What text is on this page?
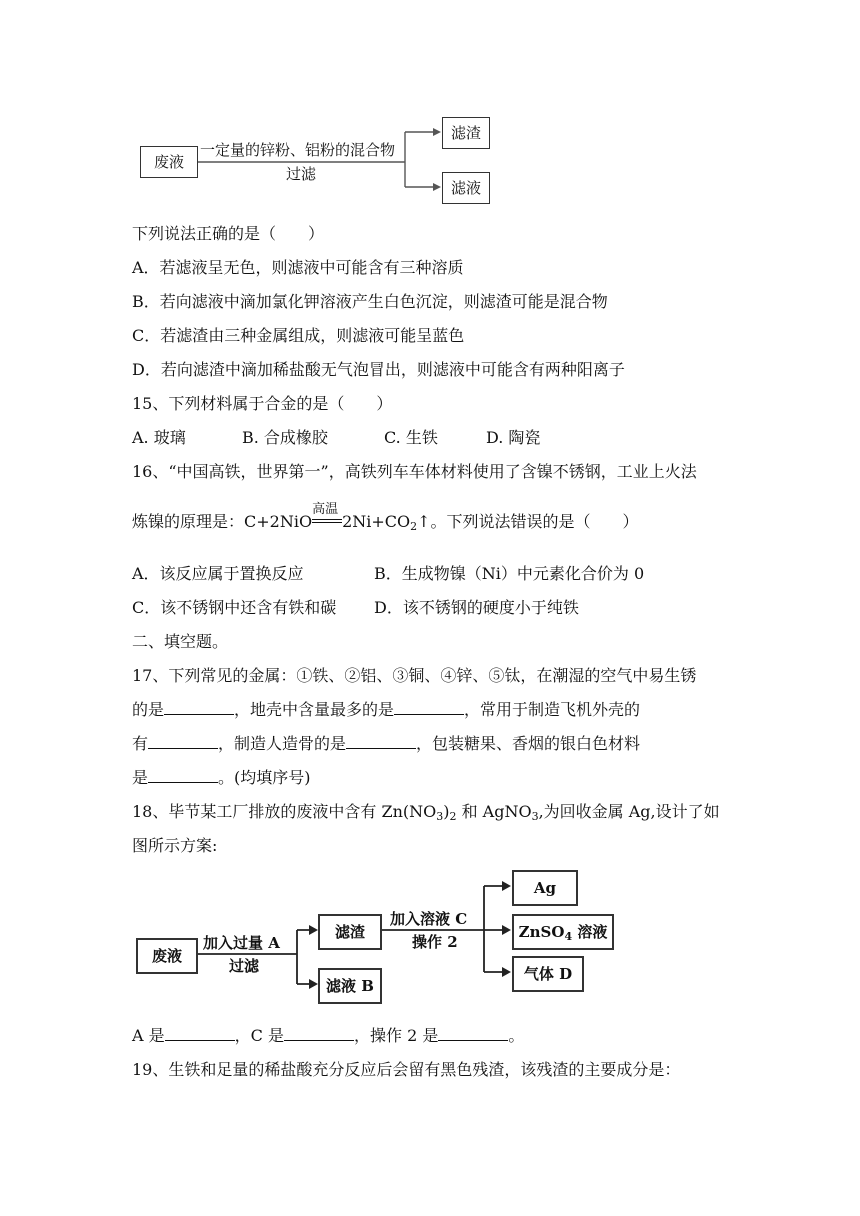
废液
一定量的锌粉、铝粉的混合物
过滤
滤渣
滤液
下列说法正确的是（　　）
A．若滤液呈无色，则滤液中可能含有三种溶质
B．若向滤液中滴加氯化钾溶液产生白色沉淀，则滤渣可能是混合物
C．若滤渣由三种金属组成，则滤液可能呈蓝色
D．若向滤渣中滴加稀盐酸无气泡冒出，则滤液中可能含有两种阳离子
15、下列材料属于合金的是（　　）
A. 玻璃	B. 合成橡胶	C. 生铁	D. 陶瓷
16、“中国高铁，世界第一”，高铁列车车体材料使用了含镍不锈钢，工业上火法
炼镍的原理是：C+2NiO
高温
$2Ni+CO_2↑$。下列说法错误的是（　　）
A．该反应属于置换反应	B．生成物镍（Ni）中元素化合价为 0
C．该不锈钢中还含有铁和碳 D．该不锈钢的硬度小于纯铁
二、填空题。
17、下列常见的金属：①铁、②铝、③铜、④锌、⑤钛，在潮湿的空气中易生锈
的是	，地壳中含量最多的是	，常用于制造飞机外壳的
有	，制造人造骨的是	，包装糖果、香烟的银白色材料
是	。(均填序号)
18、毕节某工厂排放的废液中含有 $Zn(NO_3)_2$ 和 AgNO$_3$,为回收金属 Ag,设计了如
图所示方案:
废液
加入过量 A
过滤
滤渣
滤液 B
加入溶液 C
操作 2
Ag
ZnSO$_4$ 溶液
气体 D
A 是	，C 是	，操作 2 是	。
19、生铁和足量的稀盐酸充分反应后会留有黑色残渣，该残渣的主要成分是：
